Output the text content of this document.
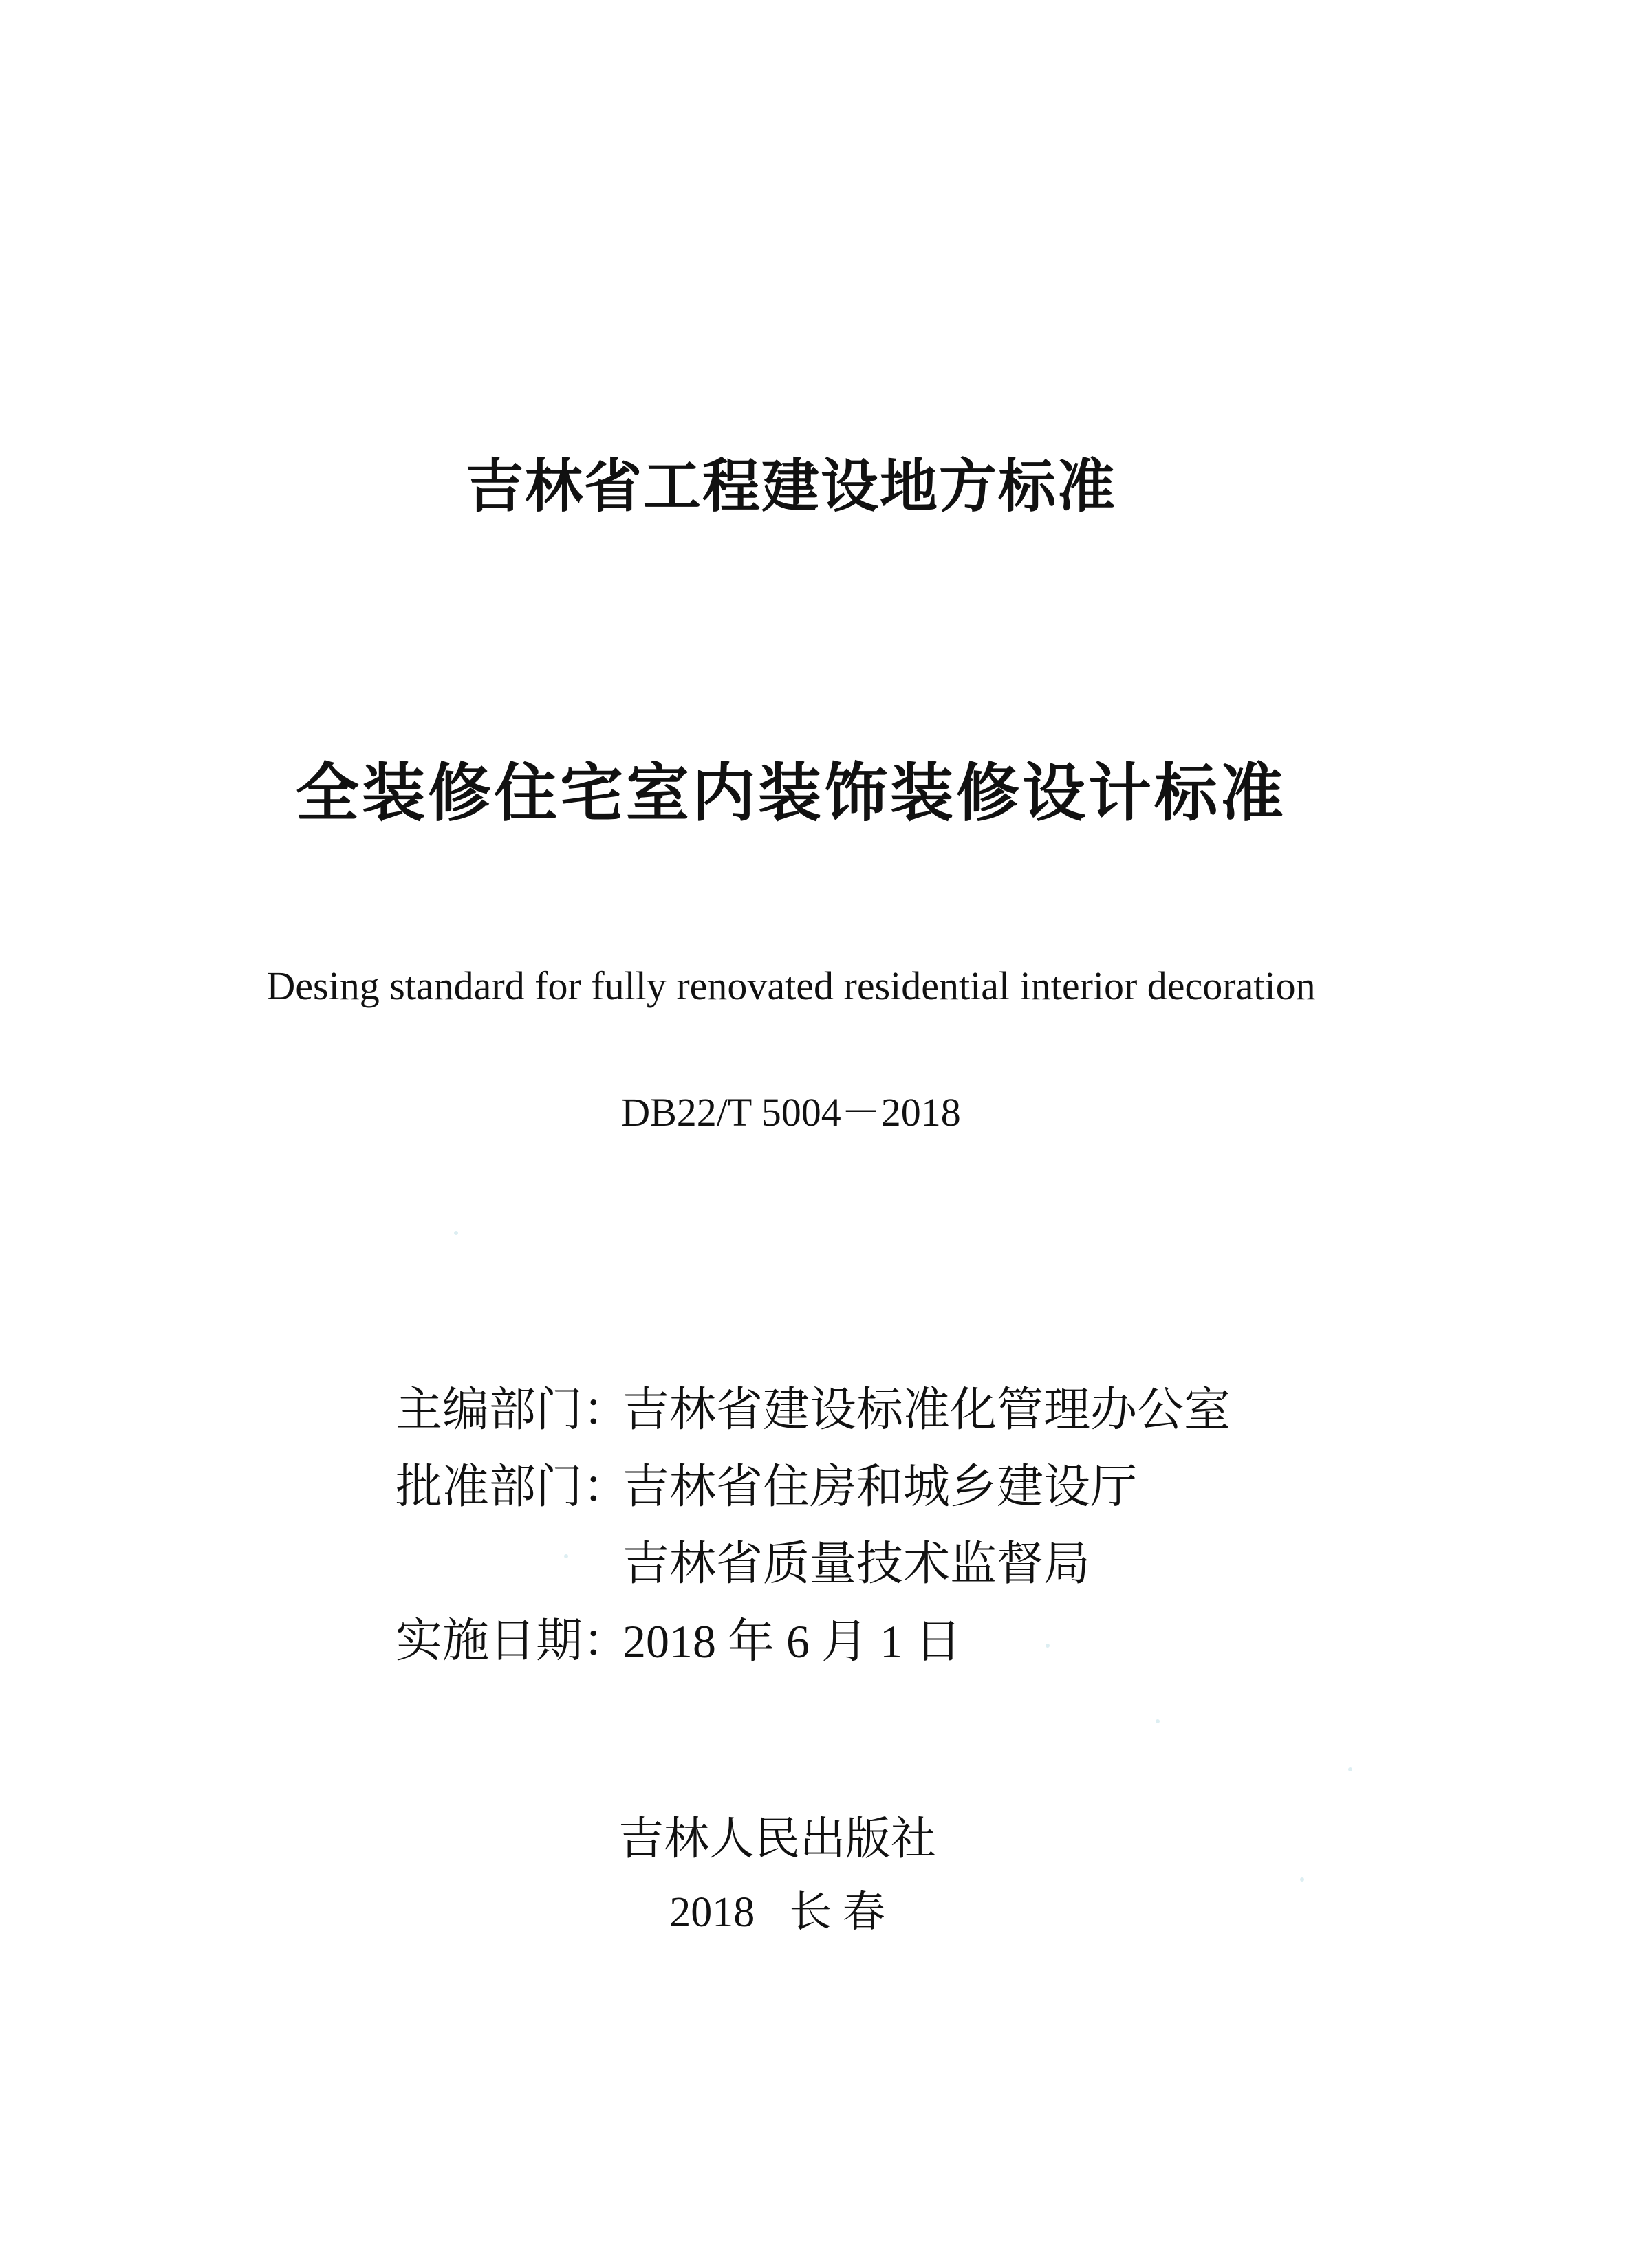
吉林省工程建设地方标准
全装修住宅室内装饰装修设计标准
Desing standard for fully renovated residential interior decoration
DB22/T 5004－2018
主编部门：
吉林省建设标准化管理办公室
批准部门：
吉林省住房和城乡建设厅
吉林省质量技术监督局
实施日期：
2018 年 6 月 1 日
吉林人民出版社
2018 长 春
